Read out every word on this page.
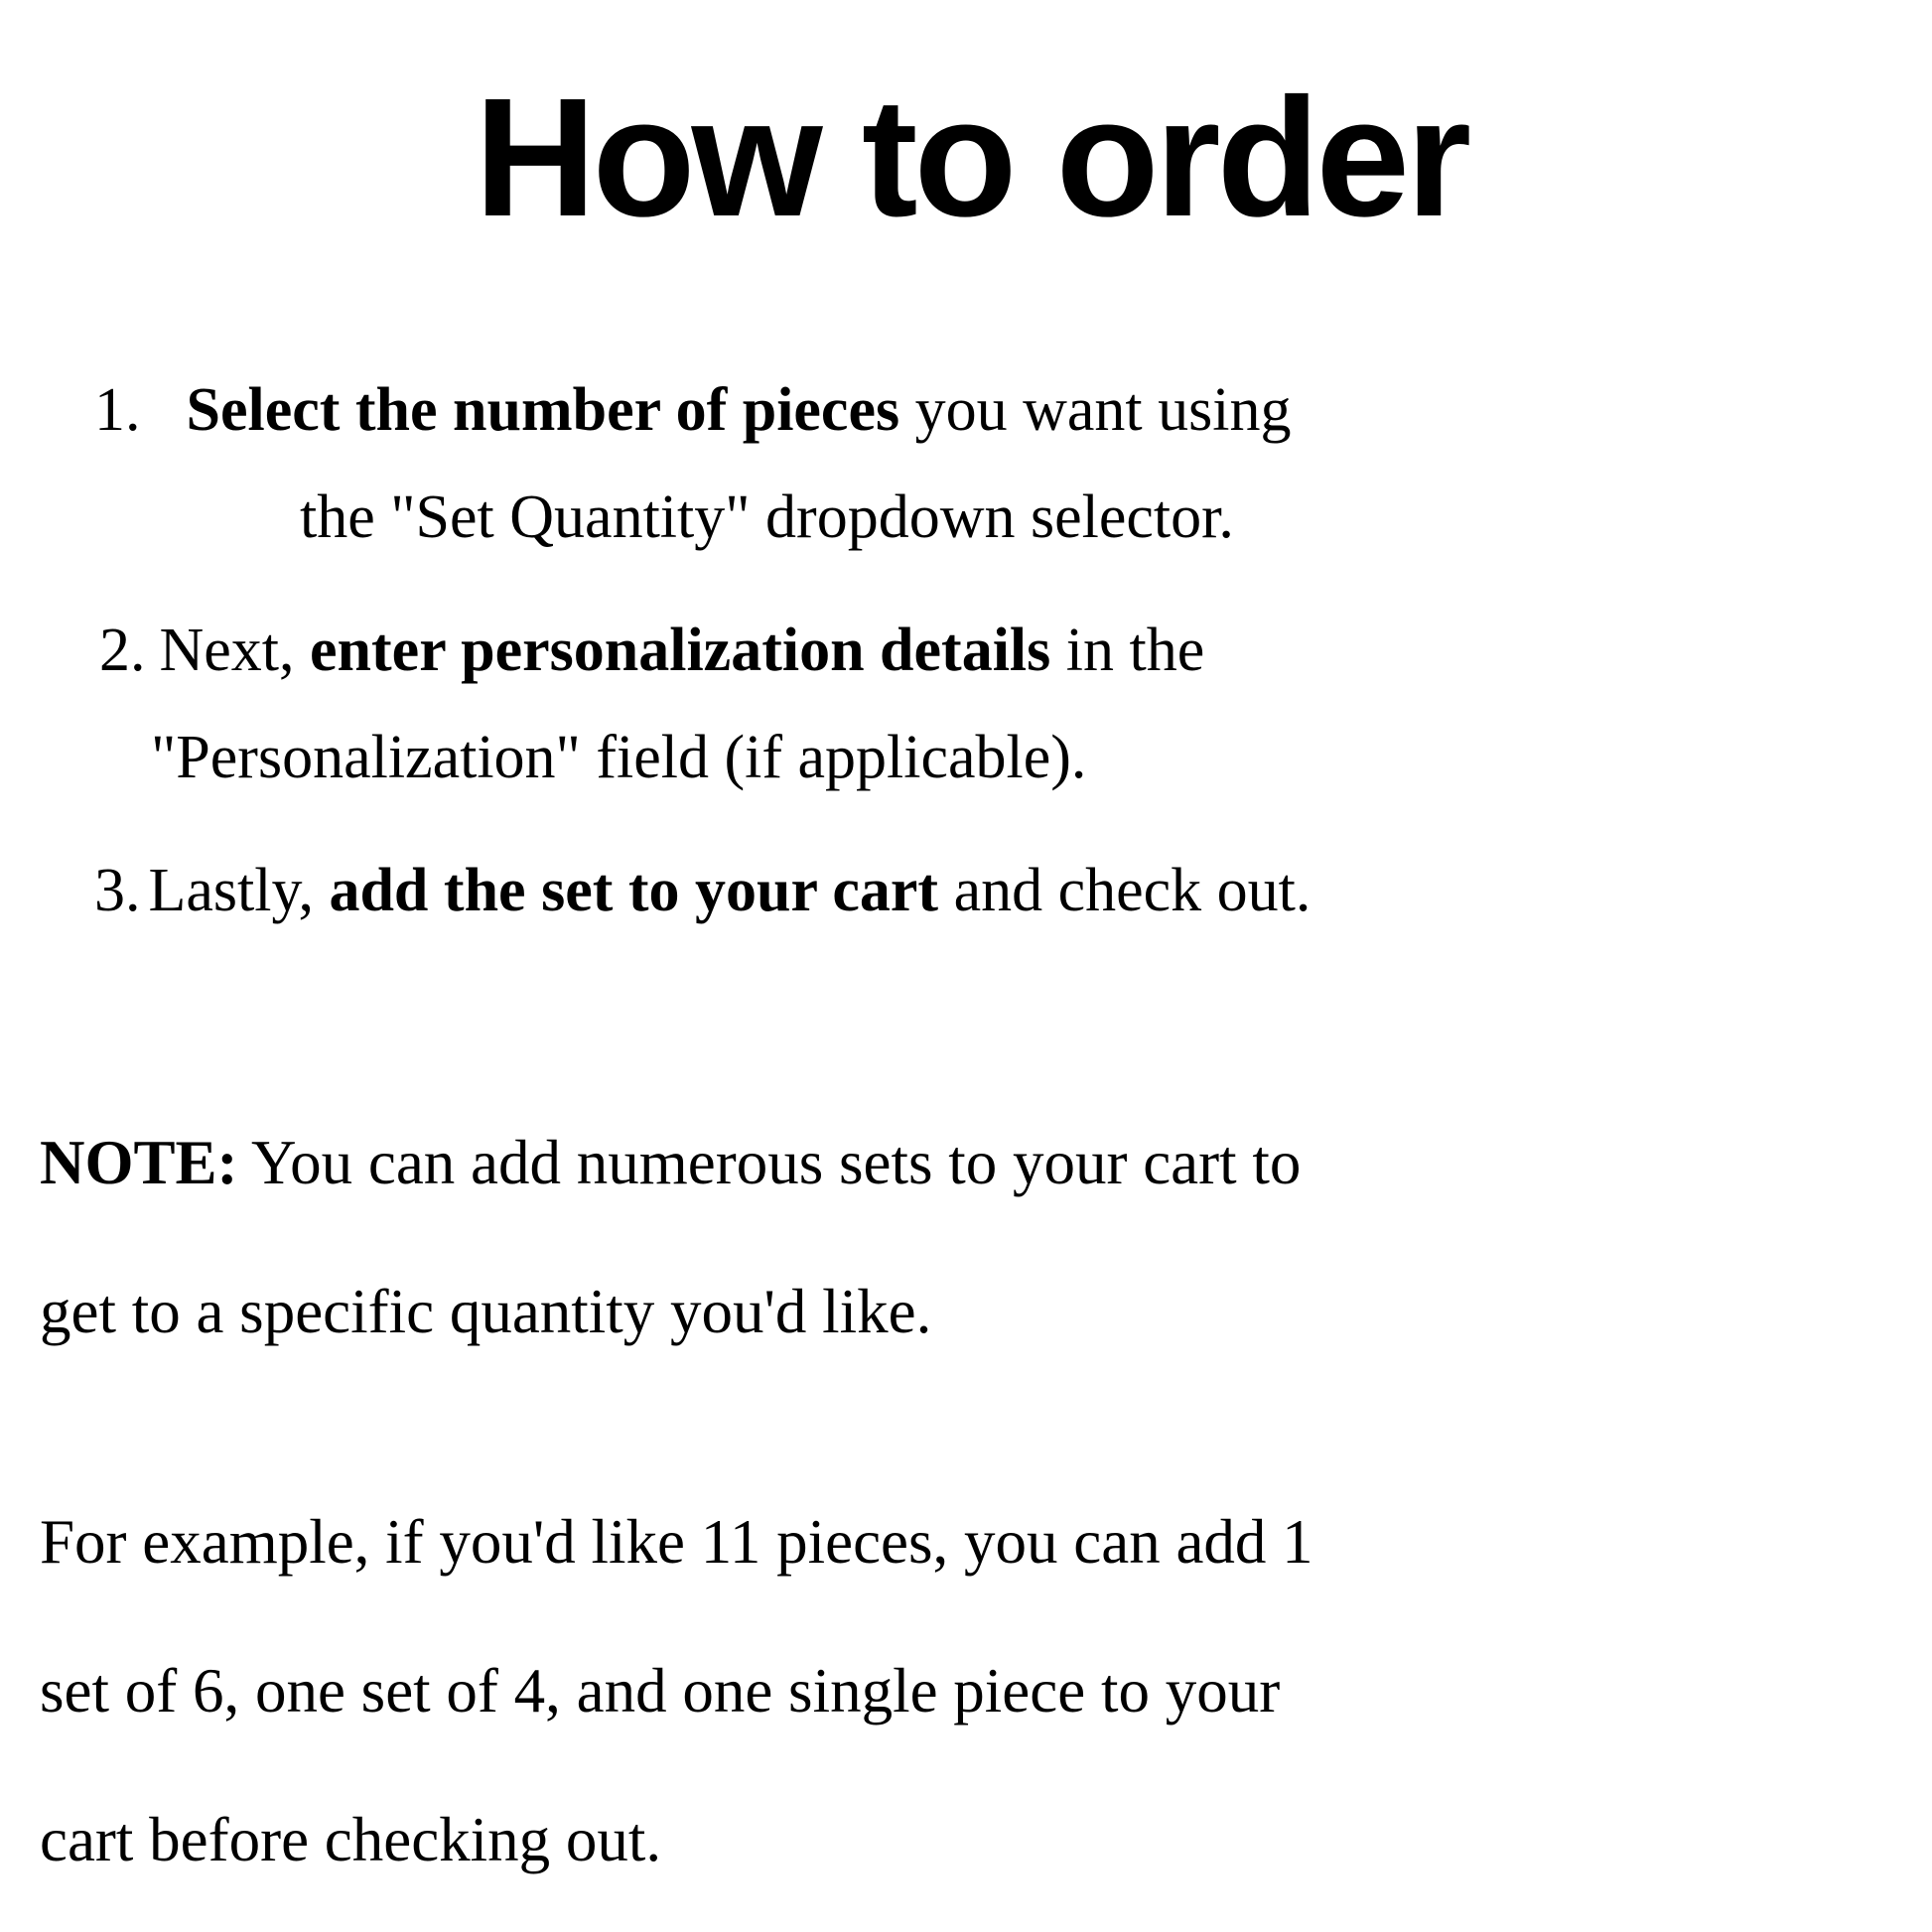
How to order
1. Select the number of pieces you want using
the "Set Quantity" dropdown selector.
2. Next, enter personalization details in the
"Personalization" field (if applicable).
3. Lastly, add the set to your cart and check out.
NOTE: You can add numerous sets to your cart to
get to a specific quantity you'd like.
For example, if you'd like 11 pieces, you can add 1
set of 6, one set of 4, and one single piece to your
cart before checking out.
